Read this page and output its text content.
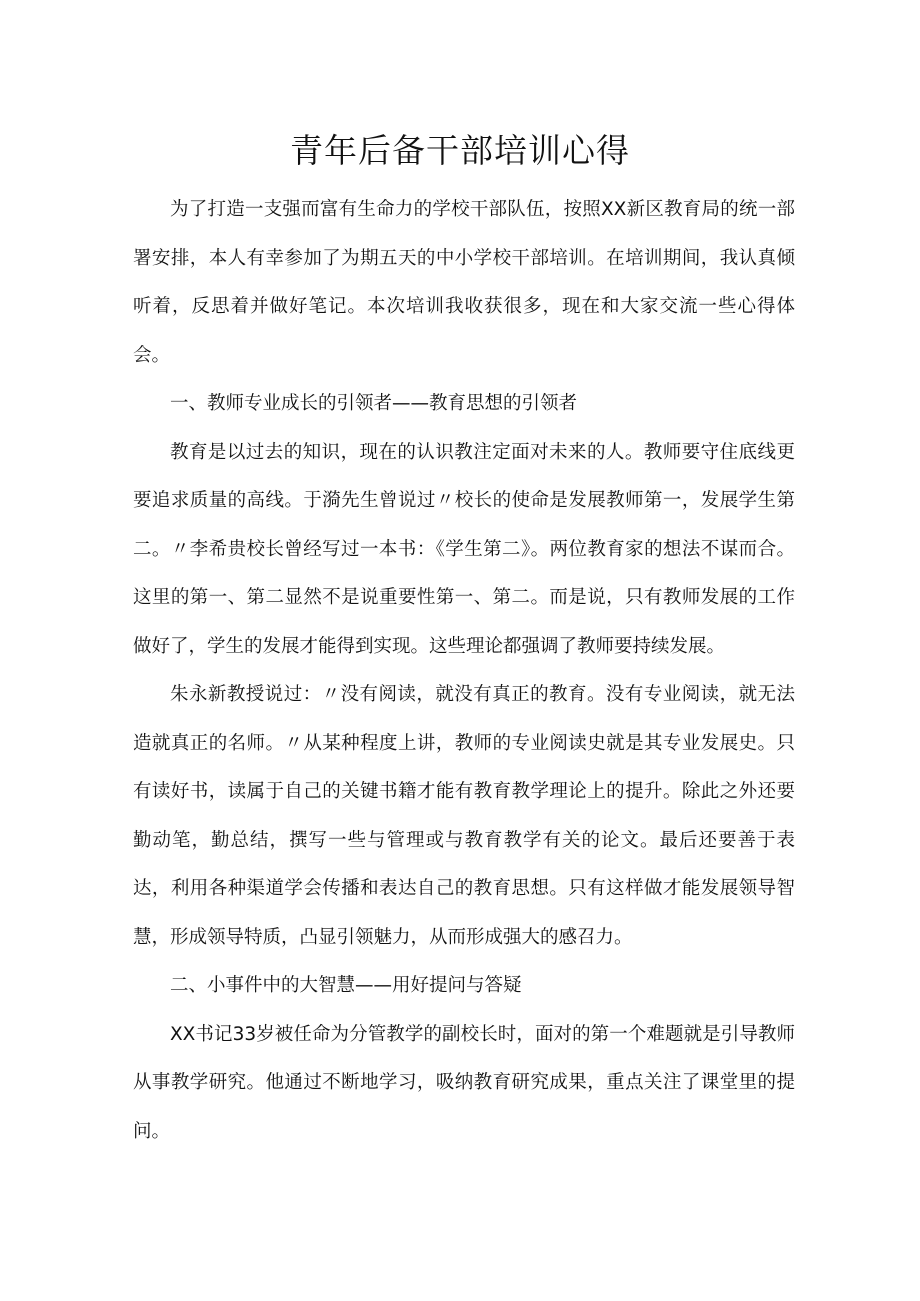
青年后备干部培训心得

为了打造一支强而富有生命力的学校干部队伍，按照XX新区教育局的统一部署安排，本人有幸参加了为期五天的中小学校干部培训。在培训期间，我认真倾听着，反思着并做好笔记。本次培训我收获很多，现在和大家交流一些心得体会。

一、教师专业成长的引领者——教育思想的引领者

教育是以过去的知识，现在的认识教注定面对未来的人。教师要守住底线更要追求质量的高线。于漪先生曾说过〃校长的使命是发展教师第一，发展学生第二。〃李希贵校长曾经写过一本书：《学生第二》。两位教育家的想法不谋而合。这里的第一、第二显然不是说重要性第一、第二。而是说，只有教师发展的工作做好了，学生的发展才能得到实现。这些理论都强调了教师要持续发展。

朱永新教授说过：〃没有阅读，就没有真正的教育。没有专业阅读，就无法造就真正的名师。〃从某种程度上讲，教师的专业阅读史就是其专业发展史。只有读好书，读属于自己的关键书籍才能有教育教学理论上的提升。除此之外还要勤动笔，勤总结，撰写一些与管理或与教育教学有关的论文。最后还要善于表达，利用各种渠道学会传播和表达自己的教育思想。只有这样做才能发展领导智慧，形成领导特质，凸显引领魅力，从而形成强大的感召力。

二、小事件中的大智慧——用好提问与答疑

XX书记33岁被任命为分管教学的副校长时，面对的第一个难题就是引导教师从事教学研究。他通过不断地学习，吸纳教育研究成果，重点关注了课堂里的提问。
